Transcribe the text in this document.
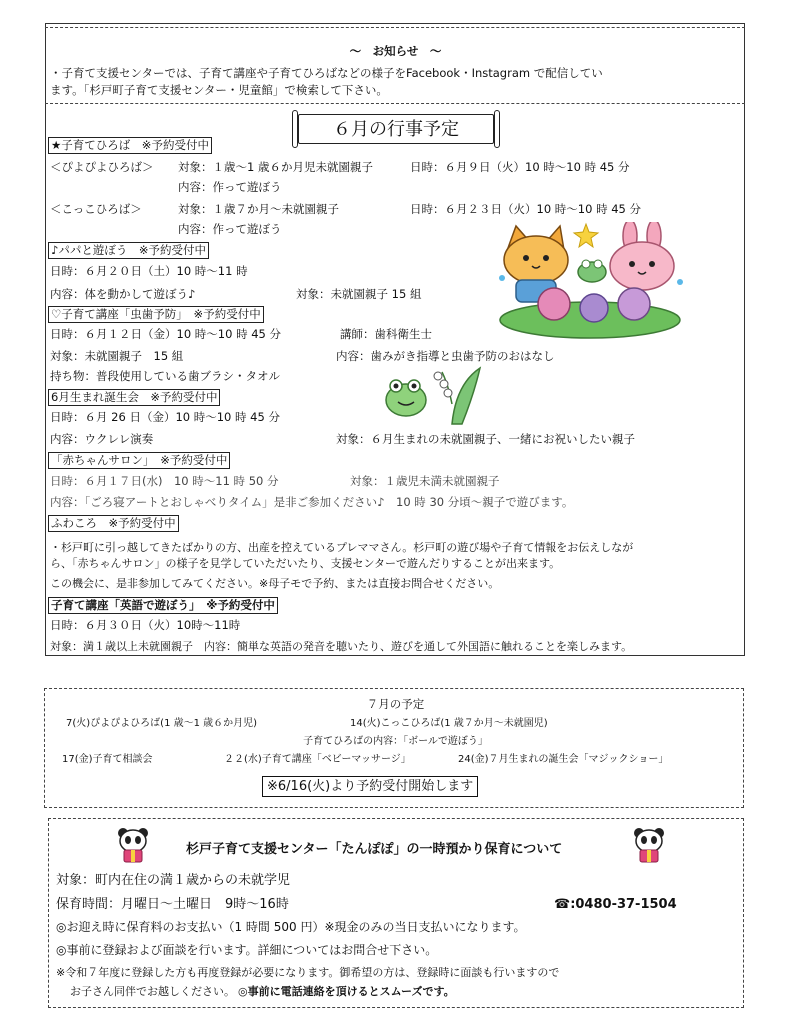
～　お知らせ　～
・子育て支援センターでは、子育て講座や子育てひろばなどの様子をFacebook・Instagram で配信してい
ます。「杉戸町子育て支援センター・児童館」で検索して下さい。
６月の行事予定
★子育てひろば　※予約受付中
＜ぴよぴよひろば＞ 対象：１歳～1 歳６か月児未就園親子	日時：６月９日（火）10 時～10 時 45 分
内容：作って遊ぼう
＜こっこひろば＞	対象：１歳７か月～未就園親子	日時：６月２３日（火）10 時～10 時 45 分
内容：作って遊ぼう
♪パパと遊ぼう　※予約受付中
日時：６月２０日（土）10 時～11 時
内容：体を動かして遊ぼう♪	対象：未就園親子 15 組
♡子育て講座「虫歯予防」　※予約受付中
日時：６月１２日（金）10 時～10 時 45 分	講師：歯科衛生士
対象：未就園親子　15 組	内容：歯みがき指導と虫歯予防のおはなし
持ち物：普段使用している歯ブラシ・タオル
6月生まれ誕生会　※予約受付中
日時：６月 26 日（金）10 時～10 時 45 分
内容：ウクレレ演奏	対象：６月生まれの未就園親子、一緒にお祝いしたい親子
「赤ちゃんサロン」　※予約受付中
日時：６月１７日(水)　10 時～11 時 50 分	対象：１歳児未満未就園親子
内容：「ごろ寝アートとおしゃべりタイム」是非ご参加ください♪　10 時 30 分頃～親子で遊びます。
ふわころ　※予約受付中
・杉戸町に引っ越してきたばかりの方、出産を控えているプレママさん。杉戸町の遊び場や子育て情報をお伝えしなが
ら、「赤ちゃんサロン」の様子を見学していただいたり、支援センターで遊んだりすることが出来ます。
この機会に、是非参加してみてください。※母子モで予約、または直接お問合せください。
子育て講座「英語で遊ぼう」　※予約受付中
日時：６月３０日（火）10時～11時
対象：満１歳以上未就園親子　内容：簡単な英語の発音を聴いたり、遊びを通して外国語に触れることを楽しみます。
７月の予定
7(火)ぴよぴよひろば(1 歳～1 歳６か月児)	14(火)こっこひろば(1 歳７か月～未就園児)
子育てひろばの内容：「ボールで遊ぼう」
17(金)子育て相談会	２２(水)子育て講座「ベビーマッサージ」	24(金)７月生まれの誕生会「マジックショー」
※6/16(火)より予約受付開始します
杉戸子育て支援センター「たんぽぽ」の一時預かり保育について
対象：町内在住の満１歳からの未就学児
保育時間：月曜日～土曜日　9時～16時	☎:0480-37-1504
◎お迎え時に保育料のお支払い（1 時間 500 円）※現金のみの当日支払いになります。
◎事前に登録および面談を行います。詳細についてはお問合せ下さい。
※令和７年度に登録した方も再度登録が必要になります。御希望の方は、登録時に面談も行いますので
お子さん同伴でお越しください。 ◎事前に電話連絡を頂けるとスムーズです。
